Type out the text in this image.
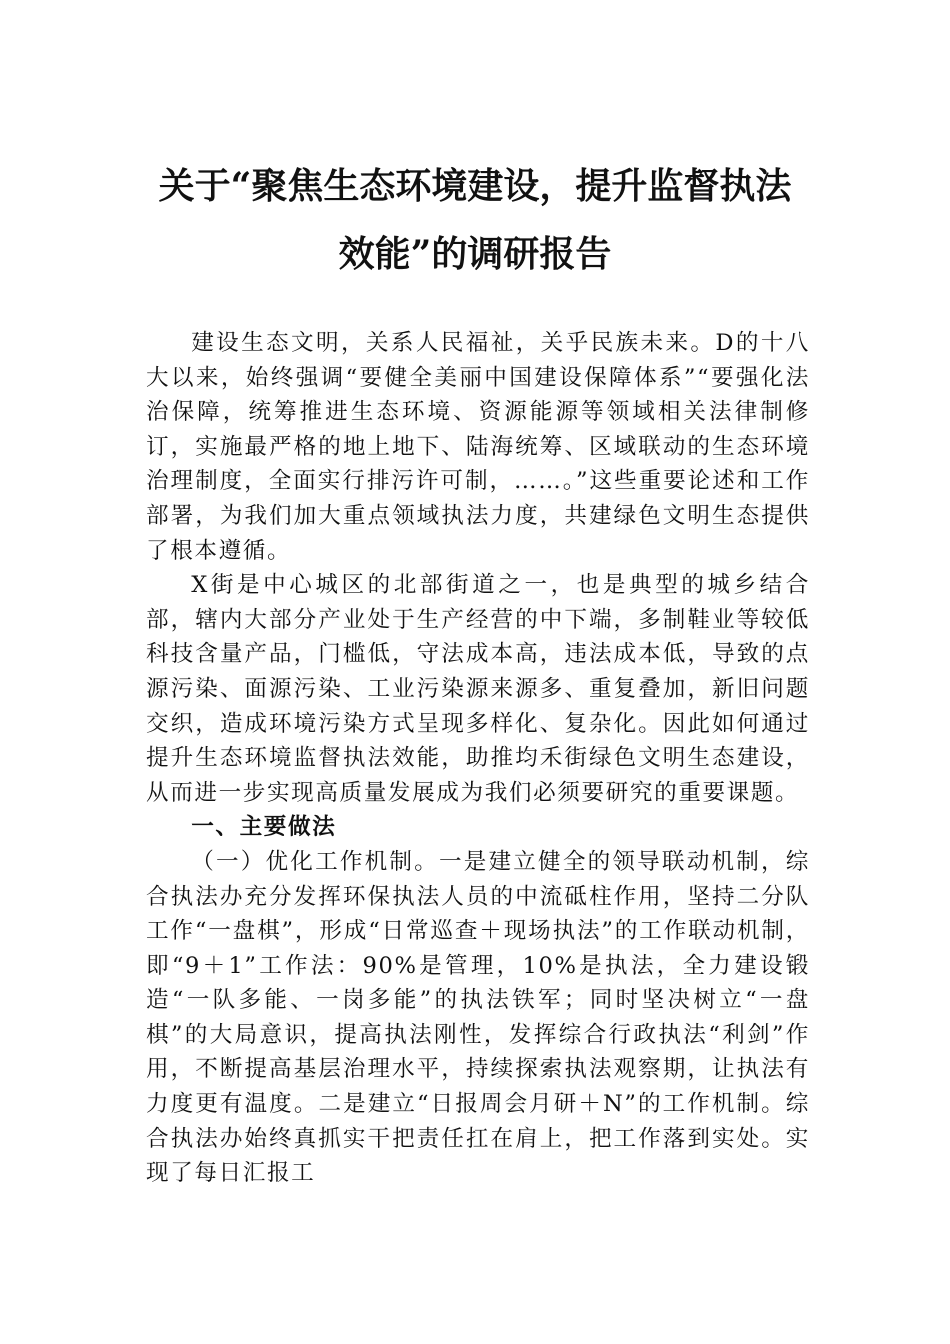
关于“聚焦生态环境建设，提升监督执法
效能”的调研报告

建设生态文明，关系人民福祉，关乎民族未来。D的十八大以来，始终强调“要健全美丽中国建设保障体系”“要强化法治保障，统筹推进生态环境、资源能源等领域相关法律制修订，实施最严格的地上地下、陆海统筹、区域联动的生态环境治理制度，全面实行排污许可制，……。”这些重要论述和工作部署，为我们加大重点领域执法力度，共建绿色文明生态提供了根本遵循。

X街是中心城区的北部街道之一，也是典型的城乡结合部，辖内大部分产业处于生产经营的中下端，多制鞋业等较低科技含量产品，门槛低，守法成本高，违法成本低，导致的点源污染、面源污染、工业污染源来源多、重复叠加，新旧问题交织，造成环境污染方式呈现多样化、复杂化。因此如何通过提升生态环境监督执法效能，助推均禾街绿色文明生态建设，从而进一步实现高质量发展成为我们必须要研究的重要课题。

一、主要做法

（一）优化工作机制。一是建立健全的领导联动机制，综合执法办充分发挥环保执法人员的中流砥柱作用，坚持二分队工作“一盘棋”，形成“日常巡查＋现场执法”的工作联动机制，即“9＋1”工作法：90%是管理，10%是执法，全力建设锻造“一队多能、一岗多能”的执法铁军；同时坚决树立“一盘棋”的大局意识，提高执法刚性，发挥综合行政执法“利剑”作用，不断提高基层治理水平，持续探索执法观察期，让执法有力度更有温度。二是建立“日报周会月研＋N”的工作机制。综合执法办始终真抓实干把责任扛在肩上，把工作落到实处。实现了每日汇报工
